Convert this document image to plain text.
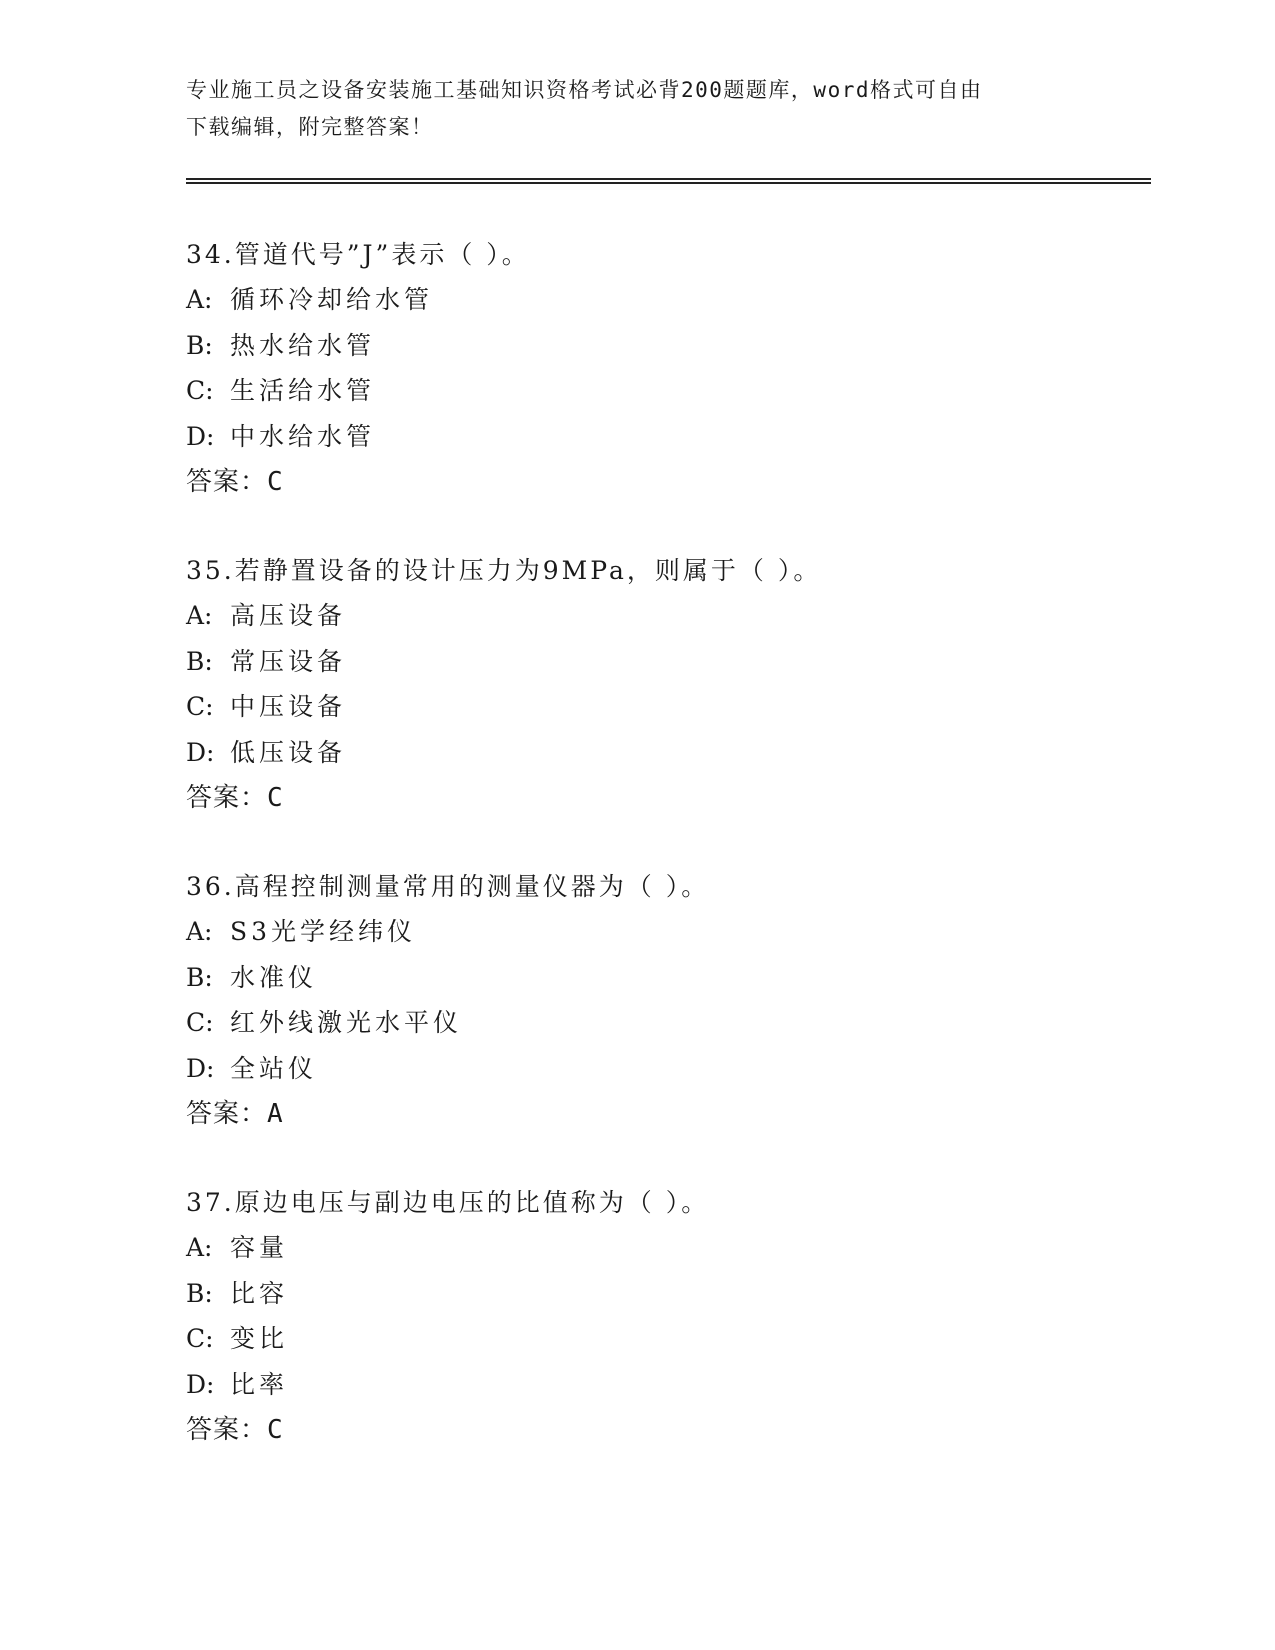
专业施工员之设备安装施工基础知识资格考试必背200题题库，word格式可自由
下载编辑，附完整答案！
34.管道代号”J”表示（ ）。
A: 循环冷却给水管
B: 热水给水管
C: 生活给水管
D: 中水给水管
答案：C
35.若静置设备的设计压力为9MPa，则属于（ ）。
A: 高压设备
B: 常压设备
C: 中压设备
D: 低压设备
答案：C
36.高程控制测量常用的测量仪器为（ ）。
A: S3光学经纬仪
B: 水准仪
C: 红外线激光水平仪
D: 全站仪
答案：A
37.原边电压与副边电压的比值称为（ ）。
A: 容量
B: 比容
C: 变比
D: 比率
答案：C
